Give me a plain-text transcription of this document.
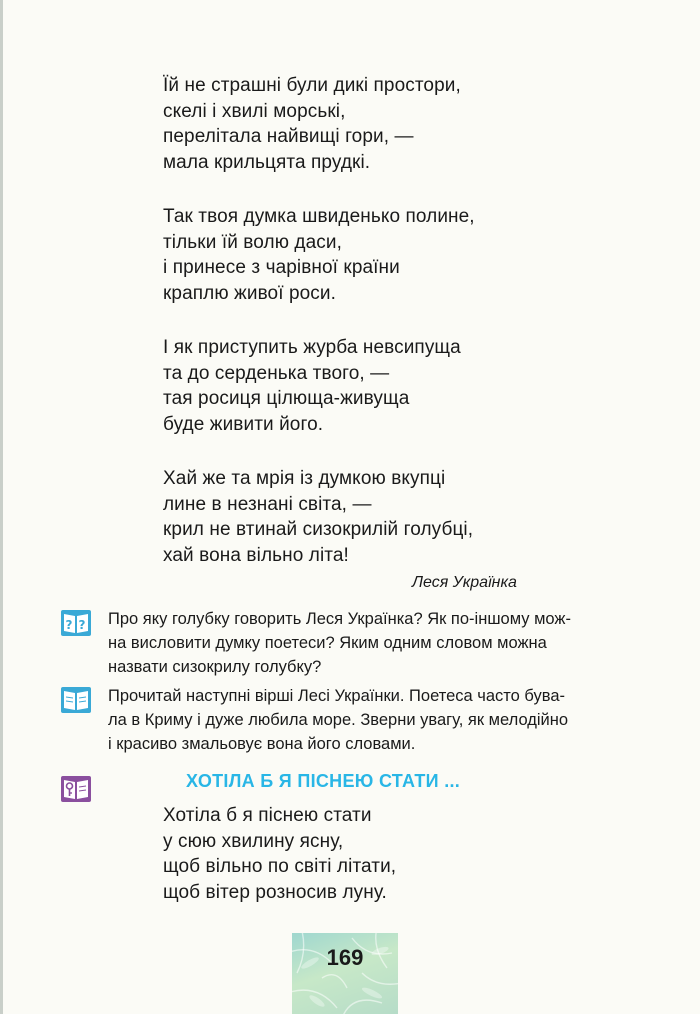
Їй не страшні були дикі простори,
скелі і хвилі морські,
перелітала найвищі гори, —
мала крильцята прудкі.
Так твоя думка швиденько полине,
тільки їй волю даси,
і принесе з чарівної країни
краплю живої роси.
І як приступить журба невсипуща
та до серденька твого, —
тая росиця цілюща-живуща
буде живити його.
Хай же та мрія із думкою вкупці
лине в незнані світа, —
крил не втинай сизокрилій голубці,
хай вона вільно літа!
Леся Українка
? ? Про яку голубку говорить Леся Українка? Як по-іншому мож-

на висловити думку поетеси? Яким одним словом можна

назвати сизокрилу голубку?

Прочитай наступні вірші Лесі Українки. Поетеса часто бува-

ла в Криму і дуже любила море. Зверни увагу, як мелодійно

і красиво змальовує вона його словами.

ХОТІЛА Б Я ПІСНЕЮ СТАТИ ...
Хотіла б я піснею стати
у сюю хвилину ясну,
щоб вільно по світі літати,
щоб вітер розносив луну.
169
